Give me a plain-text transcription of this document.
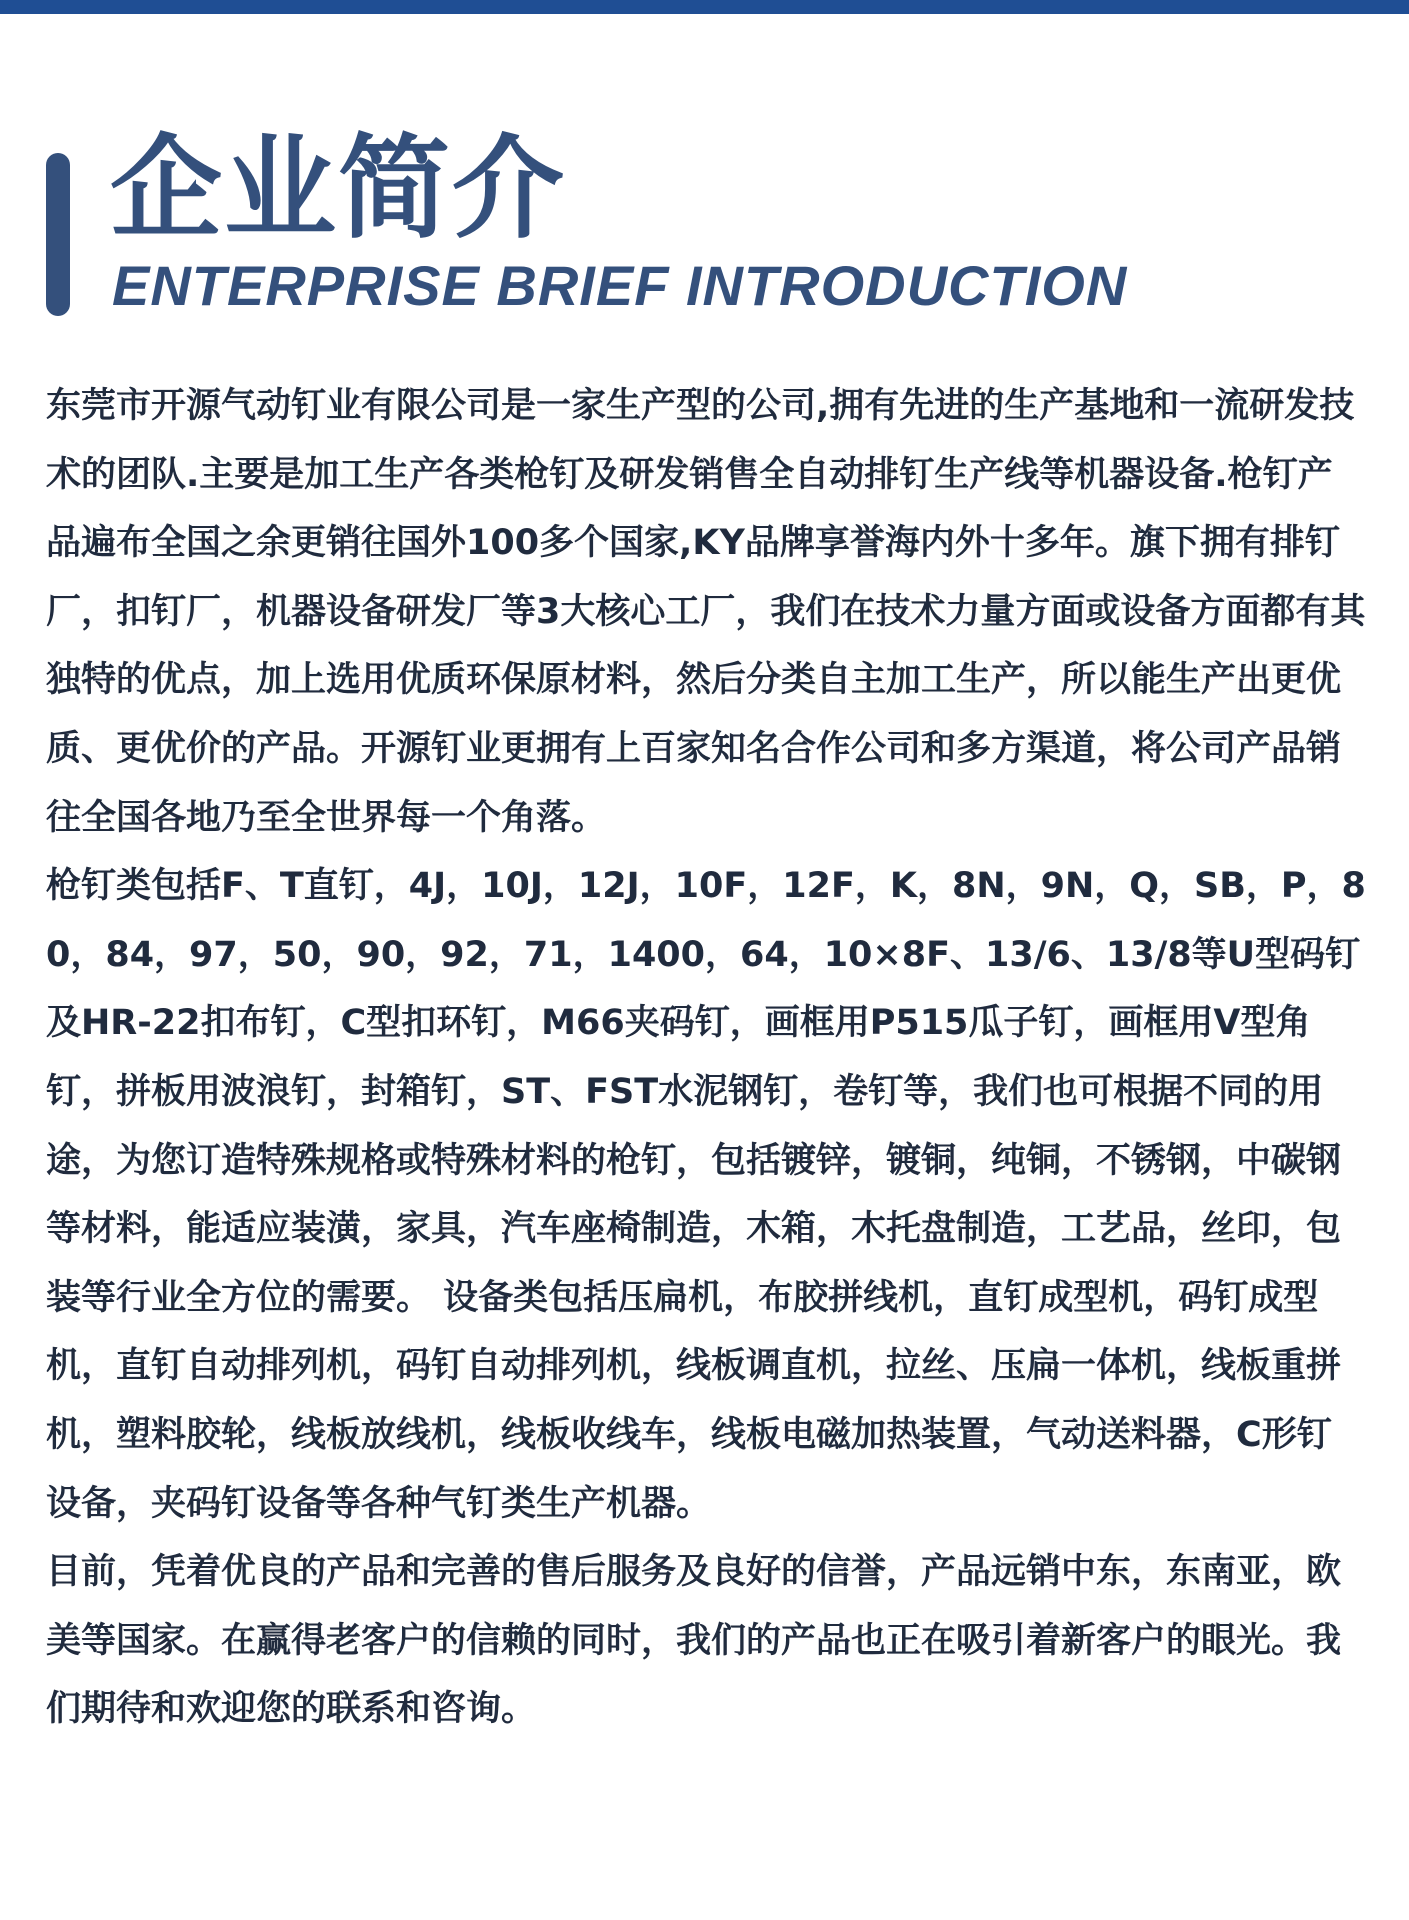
企业简介
ENTERPRISE BRIEF INTRODUCTION

东莞市开源气动钉业有限公司是一家生产型的公司,拥有先进的生产基地和一流研发技术的团队.主要是加工生产各类枪钉及研发销售全自动排钉生产线等机器设备.枪钉产品遍布全国之余更销往国外100多个国家,KY品牌享誉海内外十多年。旗下拥有排钉厂，扣钉厂，机器设备研发厂等3大核心工厂，我们在技术力量方面或设备方面都有其独特的优点，加上选用优质环保原材料，然后分类自主加工生产，所以能生产出更优质、更优价的产品。开源钉业更拥有上百家知名合作公司和多方渠道，将公司产品销往全国各地乃至全世界每一个角落。

枪钉类包括F、T直钉，4J，10J，12J，10F，12F，K，8N，9N，Q，SB，P，80，84，97，50，90，92，71，1400，64，10×8F、13/6、13/8等U型码钉及HR-22扣布钉，C型扣环钉，M66夹码钉，画框用P515瓜子钉，画框用V型角钉，拼板用波浪钉，封箱钉，ST、FST水泥钢钉，卷钉等，我们也可根据不同的用途，为您订造特殊规格或特殊材料的枪钉，包括镀锌，镀铜，纯铜，不锈钢，中碳钢等材料，能适应装潢，家具，汽车座椅制造，木箱，木托盘制造，工艺品，丝印，包装等行业全方位的需要。 设备类包括压扁机，布胶拼线机，直钉成型机，码钉成型机，直钉自动排列机，码钉自动排列机，线板调直机，拉丝、压扁一体机，线板重拼机，塑料胶轮，线板放线机，线板收线车，线板电磁加热装置，气动送料器，C形钉设备，夹码钉设备等各种气钉类生产机器。

目前，凭着优良的产品和完善的售后服务及良好的信誉，产品远销中东，东南亚，欧美等国家。在赢得老客户的信赖的同时，我们的产品也正在吸引着新客户的眼光。我们期待和欢迎您的联系和咨询。
